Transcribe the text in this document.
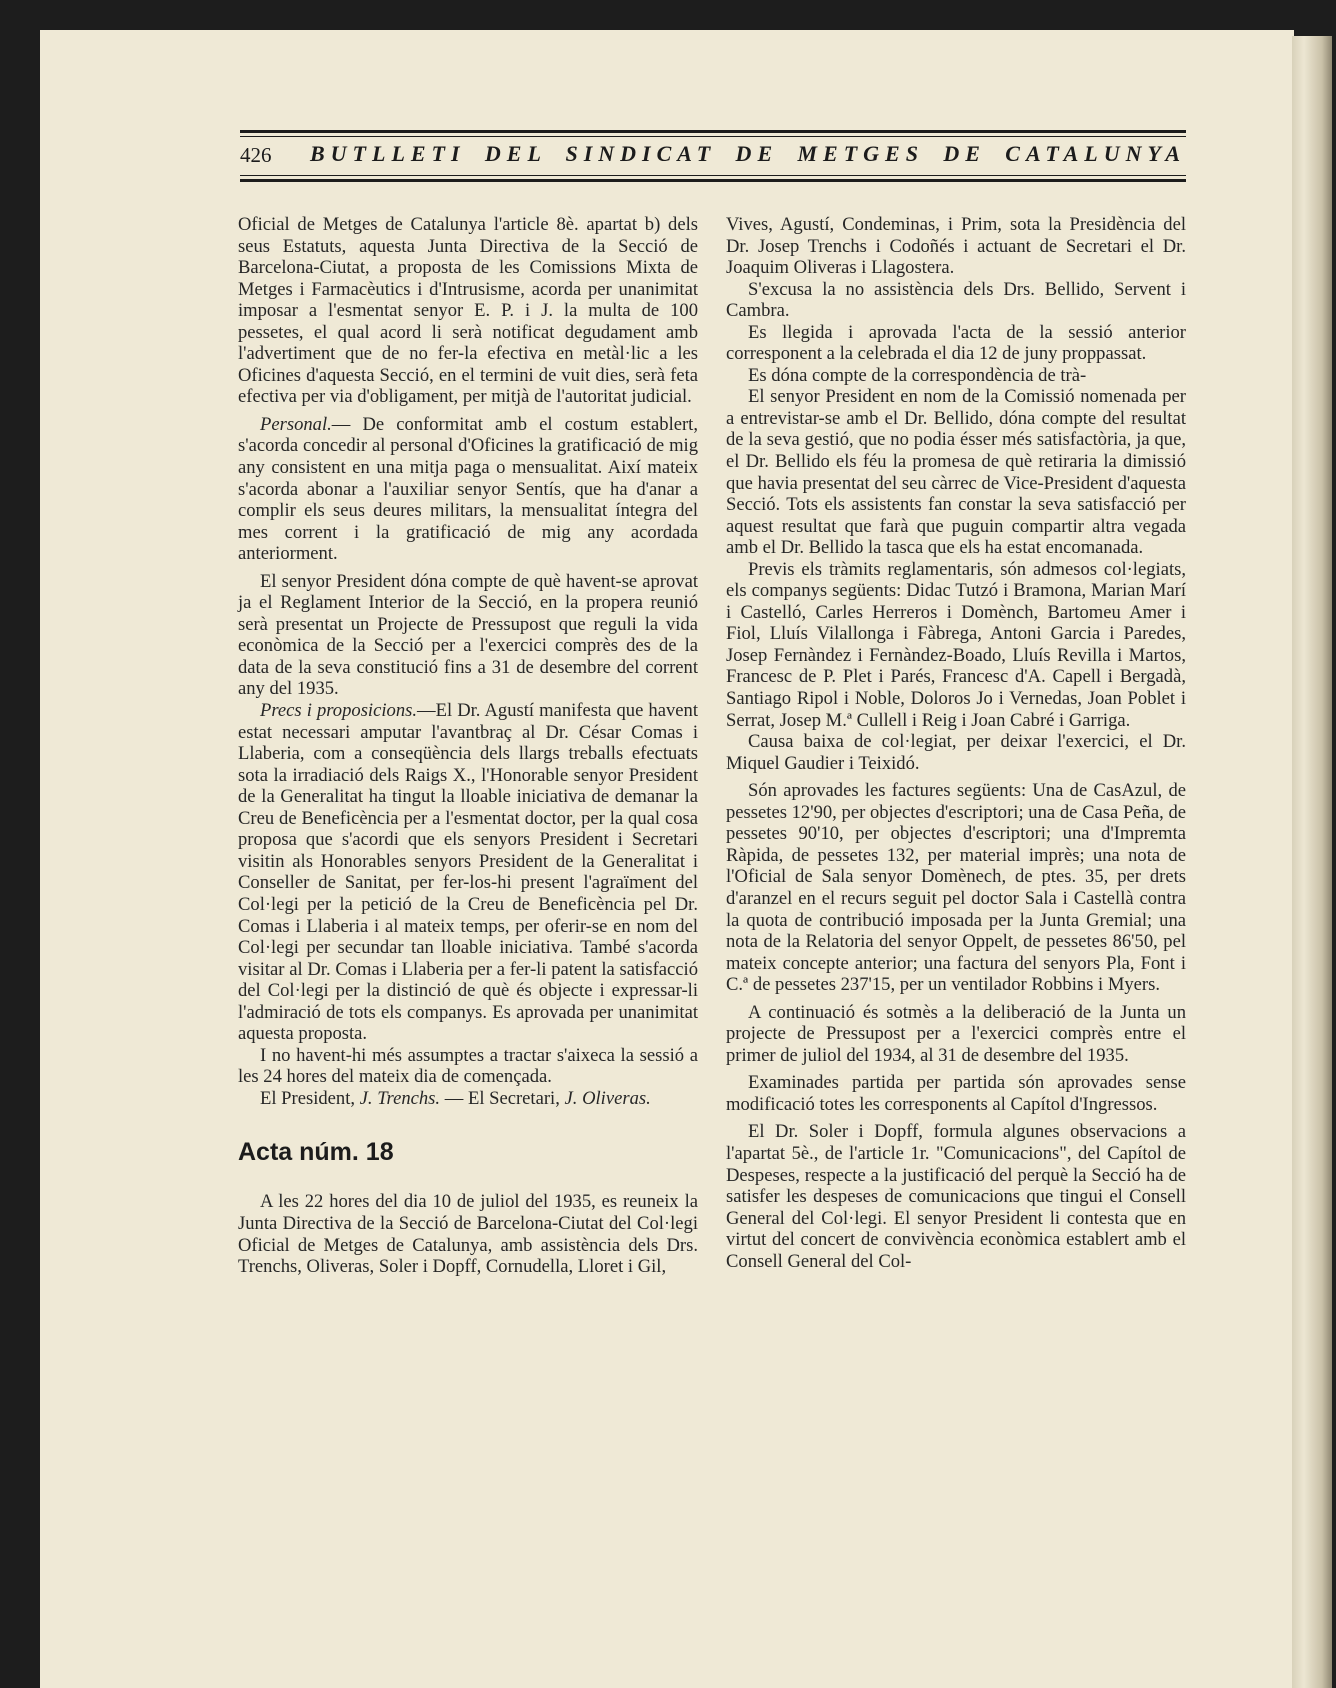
426 BUTLLETI DEL SINDICAT DE METGES DE CATALUNYA

Oficial de Metges de Catalunya l'article 8è. apartat b) dels seus Estatuts, aquesta Junta Directiva de la Secció de Barcelona-Ciutat, a proposta de les Comissions Mixta de Metges i Farmacèutics i d'Intrusisme, acorda per unanimitat imposar a l'esmentat senyor E. P. i J. la multa de 100 pessetes, el qual acord li serà notificat degudament amb l'advertiment que de no fer-la efectiva en metàl·lic a les Oficines d'aquesta Secció, en el termini de vuit dies, serà feta efectiva per via d'obligament, per mitjà de l'autoritat judicial.

Personal.— De conformitat amb el costum establert, s'acorda concedir al personal d'Oficines la gratificació de mig any consistent en una mitja paga o mensualitat. Així mateix s'acorda abonar a l'auxiliar senyor Sentís, que ha d'anar a complir els seus deures militars, la mensualitat íntegra del mes corrent i la gratificació de mig any acordada anteriorment.

El senyor President dóna compte de què havent-se aprovat ja el Reglament Interior de la Secció, en la propera reunió serà presentat un Projecte de Pressupost que reguli la vida econòmica de la Secció per a l'exercici comprès des de la data de la seva constitució fins a 31 de desembre del corrent any del 1935.

Precs i proposicions.—El Dr. Agustí manifesta que havent estat necessari amputar l'avantbraç al Dr. César Comas i Llaberia, com a conseqüència dels llargs treballs efectuats sota la irradiació dels Raigs X., l'Honorable senyor President de la Generalitat ha tingut la lloable iniciativa de demanar la Creu de Beneficència per a l'esmentat doctor, per la qual cosa proposa que s'acordi que els senyors President i Secretari visitin als Honorables senyors President de la Generalitat i Conseller de Sanitat, per fer-los-hi present l'agraïment del Col·legi per la petició de la Creu de Beneficència pel Dr. Comas i Llaberia i al mateix temps, per oferir-se en nom del Col·legi per secundar tan lloable iniciativa. També s'acorda visitar al Dr. Comas i Llaberia per a fer-li patent la satisfacció del Col·legi per la distinció de què és objecte i expressar-li l'admiració de tots els companys. Es aprovada per unanimitat aquesta proposta.

I no havent-hi més assumptes a tractar s'aixeca la sessió a les 24 hores del mateix dia de començada.

El President, J. Trenchs. — El Secretari, J. Oliveras.

Acta núm. 18

A les 22 hores del dia 10 de juliol del 1935, es reuneix la Junta Directiva de la Secció de Barcelona-Ciutat del Col·legi Oficial de Metges de Catalunya, amb assistència dels Drs. Trenchs, Oliveras, Soler i Dopff, Cornudella, Lloret i Gil,

Vives, Agustí, Condeminas, i Prim, sota la Presidència del Dr. Josep Trenchs i Codoñés i actuant de Secretari el Dr. Joaquim Oliveras i Llagostera.

S'excusa la no assistència dels Drs. Bellido, Servent i Cambra.

Es llegida i aprovada l'acta de la sessió anterior corresponent a la celebrada el dia 12 de juny proppassat.

Es dóna compte de la correspondència de trà-

El senyor President en nom de la Comissió nomenada per a entrevistar-se amb el Dr. Bellido, dóna compte del resultat de la seva gestió, que no podia ésser més satisfactòria, ja que, el Dr. Bellido els féu la promesa de què retiraria la dimissió que havia presentat del seu càrrec de Vice-President d'aquesta Secció. Tots els assistents fan constar la seva satisfacció per aquest resultat que farà que puguin compartir altra vegada amb el Dr. Bellido la tasca que els ha estat encomanada.

Previs els tràmits reglamentaris, són admesos col·legiats, els companys següents: Didac Tutzó i Bramona, Marian Marí i Castelló, Carles Herreros i Domènch, Bartomeu Amer i Fiol, Lluís Vilallonga i Fàbrega, Antoni Garcia i Paredes, Josep Fernàndez i Fernàndez-Boado, Lluís Revilla i Martos, Francesc de P. Plet i Parés, Francesc d'A. Capell i Bergadà, Santiago Ripol i Noble, Doloros Jo i Vernedas, Joan Poblet i Serrat, Josep M.ª Cullell i Reig i Joan Cabré i Garriga.

Causa baixa de col·legiat, per deixar l'exercici, el Dr. Miquel Gaudier i Teixidó.

Són aprovades les factures següents: Una de CasAzul, de pessetes 12'90, per objectes d'escriptori; una de Casa Peña, de pessetes 90'10, per objectes d'escriptori; una d'Impremta Ràpida, de pessetes 132, per material imprès; una nota de l'Oficial de Sala senyor Domènech, de ptes. 35, per drets d'aranzel en el recurs seguit pel doctor Sala i Castellà contra la quota de contribució imposada per la Junta Gremial; una nota de la Relatoria del senyor Oppelt, de pessetes 86'50, pel mateix concepte anterior; una factura del senyors Pla, Font i C.ª de pessetes 237'15, per un ventilador Robbins i Myers.

A continuació és sotmès a la deliberació de la Junta un projecte de Pressupost per a l'exercici comprès entre el primer de juliol del 1934, al 31 de desembre del 1935.

Examinades partida per partida són aprovades sense modificació totes les corresponents al Capítol d'Ingressos.

El Dr. Soler i Dopff, formula algunes observacions a l'apartat 5è., de l'article 1r. "Comunicacions", del Capítol de Despeses, respecte a la justificació del perquè la Secció ha de satisfer les despeses de comunicacions que tingui el Consell General del Col·legi. El senyor President li contesta que en virtut del concert de convivència econòmica establert amb el Consell General del Col-
